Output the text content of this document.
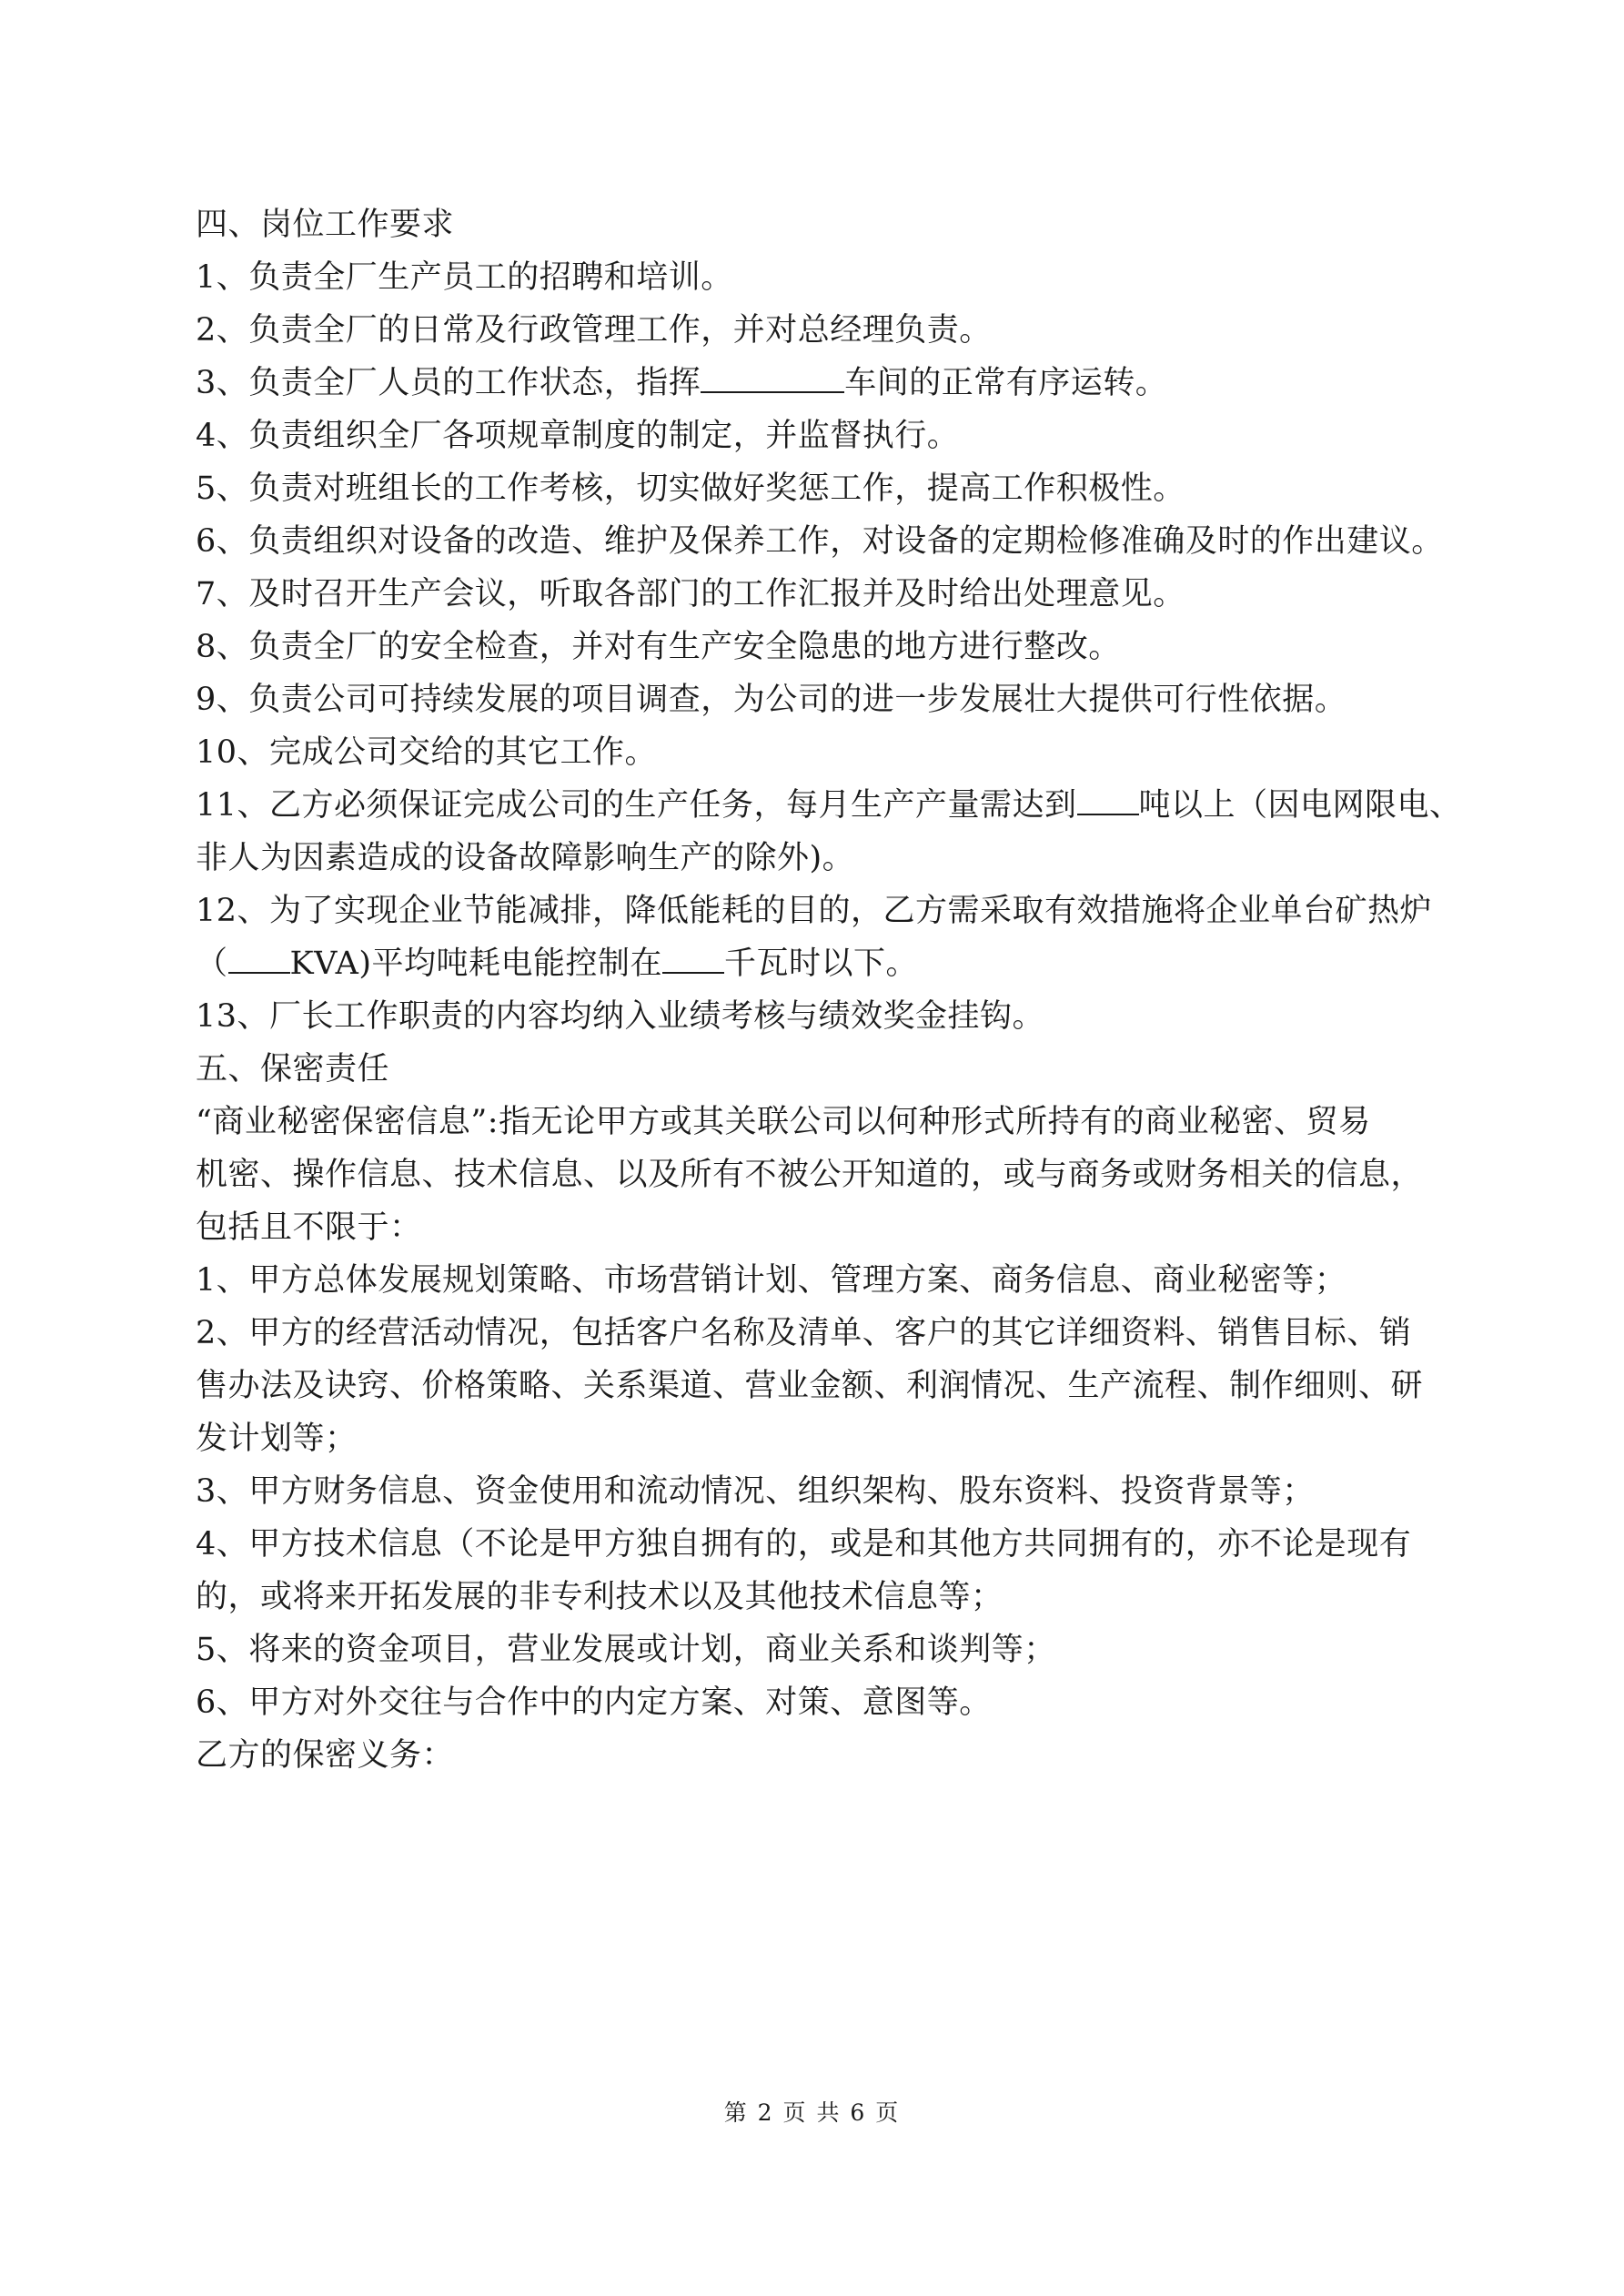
四、岗位工作要求
1、负责全厂生产员工的招聘和培训。
2、负责全厂的日常及行政管理工作，并对总经理负责。
3、负责全厂人员的工作状态，指挥	车间的正常有序运转。
4、负责组织全厂各项规章制度的制定，并监督执行。
5、负责对班组长的工作考核，切实做好奖惩工作，提高工作积极性。
6、负责组织对设备的改造、维护及保养工作，对设备的定期检修准确及时的作出建议。
7、及时召开生产会议，听取各部门的工作汇报并及时给出处理意见。
8、负责全厂的安全检查，并对有生产安全隐患的地方进行整改。
9、负责公司可持续发展的项目调查，为公司的进一步发展壮大提供可行性依据。
10、完成公司交给的其它工作。
11、乙方必须保证完成公司的生产任务，每月生产产量需达到 吨以上（因电网限电、
非人为因素造成的设备故障影响生产的除外)。
12、为了实现企业节能减排，降低能耗的目的，乙方需采取有效措施将企业单台矿热炉
（ KVA)平均吨耗电能控制在 千瓦时以下。
13、厂长工作职责的内容均纳入业绩考核与绩效奖金挂钩。
五、保密责任
“商业秘密保密信息”:指无论甲方或其关联公司以何种形式所持有的商业秘密、贸易
机密、操作信息、技术信息、以及所有不被公开知道的，或与商务或财务相关的信息，
包括且不限于：
1、甲方总体发展规划策略、市场营销计划、管理方案、商务信息、商业秘密等；
2、甲方的经营活动情况，包括客户名称及清单、客户的其它详细资料、销售目标、销
售办法及诀窍、价格策略、关系渠道、营业金额、利润情况、生产流程、制作细则、研
发计划等；
3、甲方财务信息、资金使用和流动情况、组织架构、股东资料、投资背景等；
4、甲方技术信息（不论是甲方独自拥有的，或是和其他方共同拥有的，亦不论是现有
的，或将来开拓发展的非专利技术以及其他技术信息等；
5、将来的资金项目，营业发展或计划，商业关系和谈判等；
6、甲方对外交往与合作中的内定方案、对策、意图等。
乙方的保密义务：
第 2 页 共 6 页
